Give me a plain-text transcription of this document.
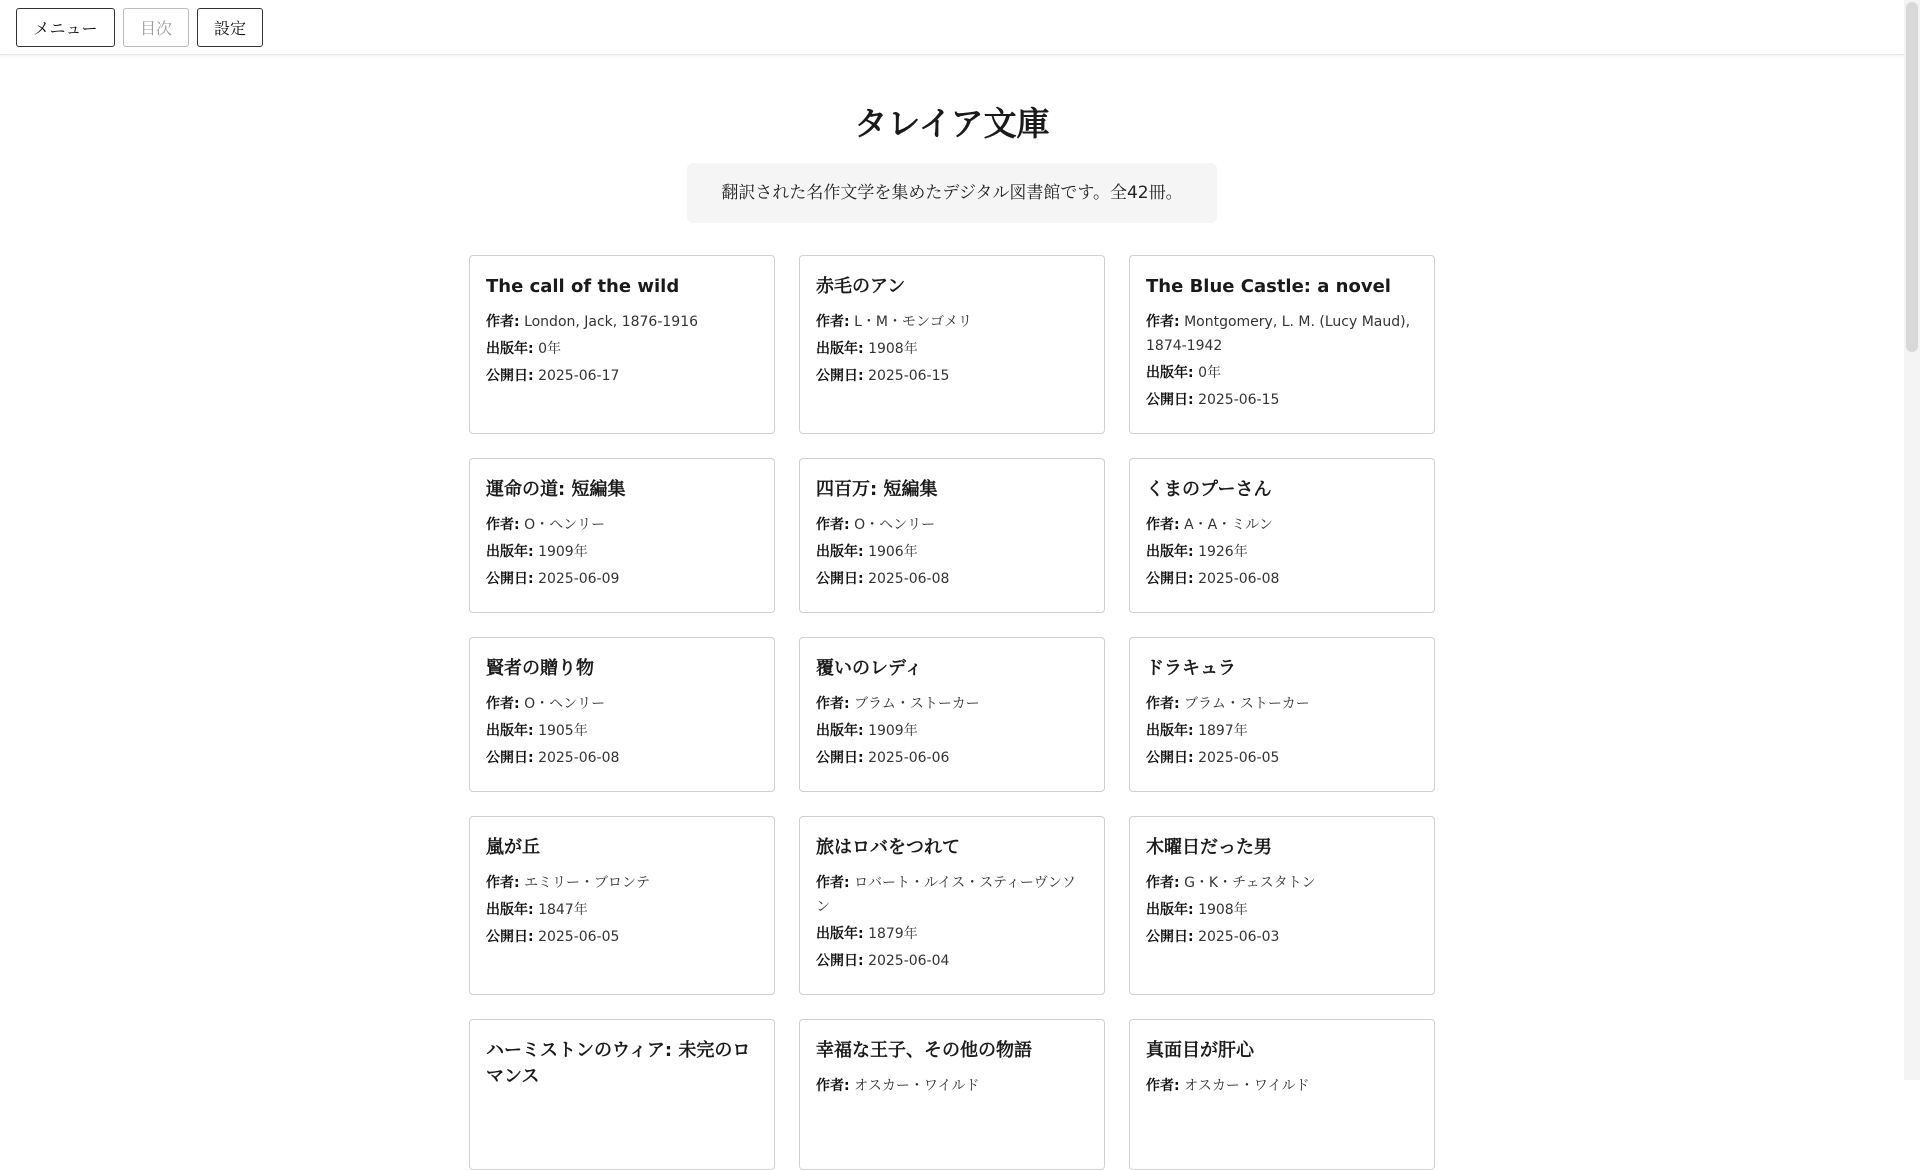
メニュー	目次	設定
タレイア文庫
翻訳された名作文学を集めたデジタル図書館です。全42冊。
The call of the wild
作者: London, Jack, 1876-1916
出版年: 0年
公開日: 2025-06-17
赤毛のアン
作者: L・M・モンゴメリ
出版年: 1908年
公開日: 2025-06-15
The Blue Castle: a novel
作者: Montgomery, L. M. (Lucy Maud), 1874-1942
出版年: 0年
公開日: 2025-06-15
運命の道: 短編集
作者: O・ヘンリー
出版年: 1909年
公開日: 2025-06-09
四百万: 短編集
作者: O・ヘンリー
出版年: 1906年
公開日: 2025-06-08
くまのプーさん
作者: A・A・ミルン
出版年: 1926年
公開日: 2025-06-08
賢者の贈り物
作者: O・ヘンリー
出版年: 1905年
公開日: 2025-06-08
覆いのレディ
作者: ブラム・ストーカー
出版年: 1909年
公開日: 2025-06-06
ドラキュラ
作者: ブラム・ストーカー
出版年: 1897年
公開日: 2025-06-05
嵐が丘
作者: エミリー・ブロンテ
出版年: 1847年
公開日: 2025-06-05
旅はロバをつれて
作者: ロバート・ルイス・スティーヴンソン
出版年: 1879年
公開日: 2025-06-04
木曜日だった男
作者: G・K・チェスタトン
出版年: 1908年
公開日: 2025-06-03
ハーミストンのウィア: 未完のロマンス
幸福な王子、その他の物語
作者: オスカー・ワイルド
真面目が肝心
作者: オスカー・ワイルド
